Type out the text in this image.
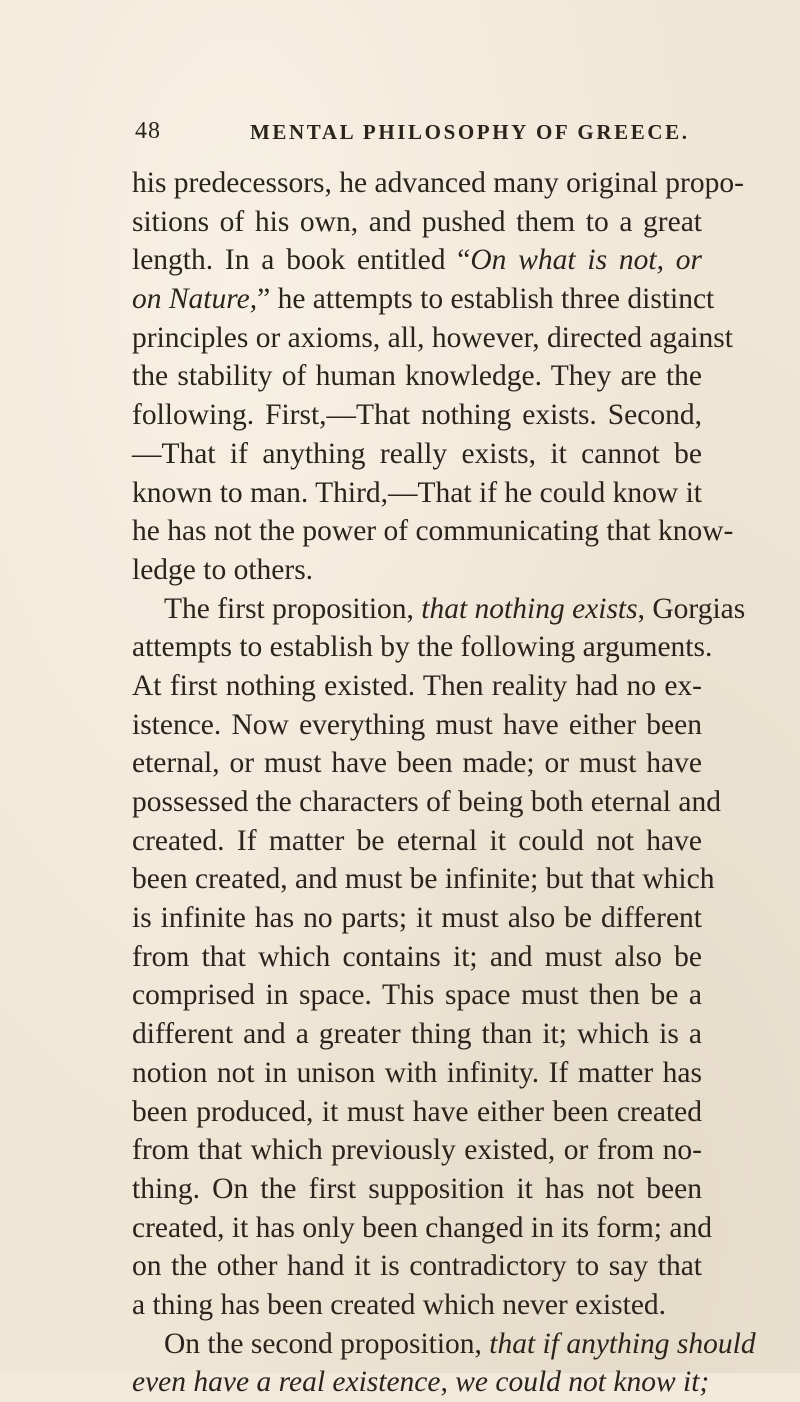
48	MENTAL PHILOSOPHY OF GREECE.
his predecessors, he advanced many original propo-
sitions of his own, and pushed them to a great
length. In a book entitled “On what is not, or
on Nature,” he attempts to establish three distinct
principles or axioms, all, however, directed against
the stability of human knowledge. They are the
following. First,—That nothing exists. Second,
—That if anything really exists, it cannot be
known to man. Third,—That if he could know it
he has not the power of communicating that know-
ledge to others.
The first proposition, that nothing exists, Gorgias
attempts to establish by the following arguments.
At first nothing existed. Then reality had no ex-
istence. Now everything must have either been
eternal, or must have been made; or must have
possessed the characters of being both eternal and
created. If matter be eternal it could not have
been created, and must be infinite; but that which
is infinite has no parts; it must also be different
from that which contains it; and must also be
comprised in space. This space must then be a
different and a greater thing than it; which is a
notion not in unison with infinity. If matter has
been produced, it must have either been created
from that which previously existed, or from no-
thing. On the first supposition it has not been
created, it has only been changed in its form; and
on the other hand it is contradictory to say that
a thing has been created which never existed.
On the second proposition, that if anything should
even have a real existence, we could not know it;
